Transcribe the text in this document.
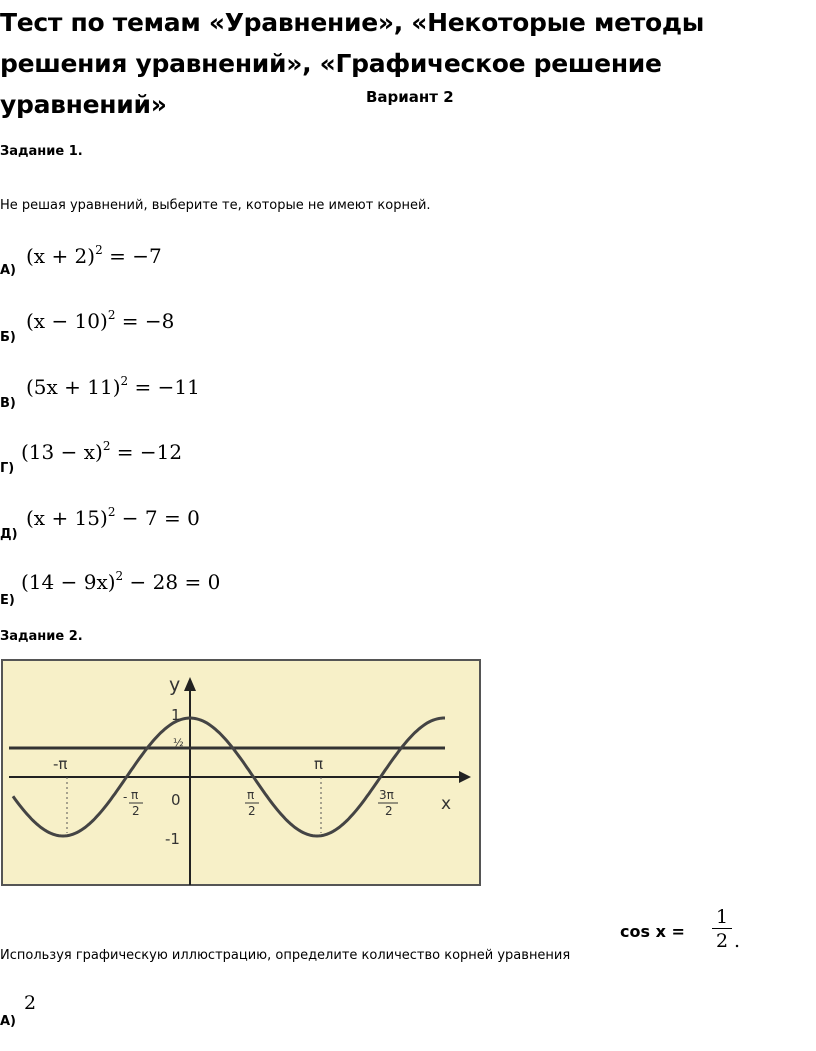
Тест по темам «Уравнение», «Некоторые методы решения уравнений», «Графическое решение уравнений»	Вариант 2
Задание 1.
Не решая уравнений, выберите те, которые не имеют корней.
А)
$(x + 2)^2 = -7$
Б)
$(x - 10)^2 = -8$
В)
$(5x + 11)^2 = -11$
Г)
$(13 - x)^2 = -12$
Д)
$(x + 15)^2 - 7 = 0$
Е)
$(14 - 9x)^2 - 28 = 0$
Задание 2.
y
1
½
-π	π
- π
2
0	π
2
3π
2	x
-1
$\cos x = \frac{1}{2}$ .
Используя графическую иллюстрацию, определите количество корней уравнения
А)
2
